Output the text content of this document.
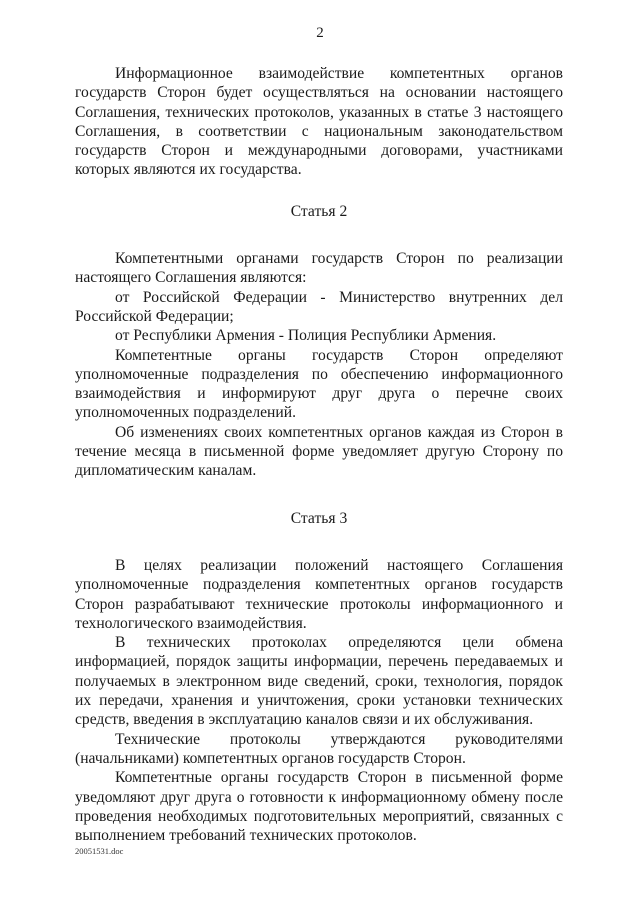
2

Информационное взаимодействие компетентных органов государств Сторон будет осуществляться на основании настоящего Соглашения, технических протоколов, указанных в статье 3 настоящего Соглашения, в соответствии с национальным законодательством государств Сторон и международными договорами, участниками которых являются их государства.

Статья 2

Компетентными органами государств Сторон по реализации настоящего Соглашения являются:

от Российской Федерации - Министерство внутренних дел Российской Федерации;

от Республики Армения - Полиция Республики Армения.

Компетентные органы государств Сторон определяют уполномоченные подразделения по обеспечению информационного взаимодействия и информируют друг друга о перечне своих уполномоченных подразделений.

Об изменениях своих компетентных органов каждая из Сторон в течение месяца в письменной форме уведомляет другую Сторону по дипломатическим каналам.

Статья 3

В целях реализации положений настоящего Соглашения уполномоченные подразделения компетентных органов государств Сторон разрабатывают технические протоколы информационного и технологического взаимодействия.

В технических протоколах определяются цели обмена информацией, порядок защиты информации, перечень передаваемых и получаемых в электронном виде сведений, сроки, технология, порядок их передачи, хранения и уничтожения, сроки установки технических средств, введения в эксплуатацию каналов связи и их обслуживания.

Технические протоколы утверждаются руководителями (начальниками) компетентных органов государств Сторон.

Компетентные органы государств Сторон в письменной форме уведомляют друг друга о готовности к информационному обмену после проведения необходимых подготовительных мероприятий, связанных с выполнением требований технических протоколов.

20051531.doc
